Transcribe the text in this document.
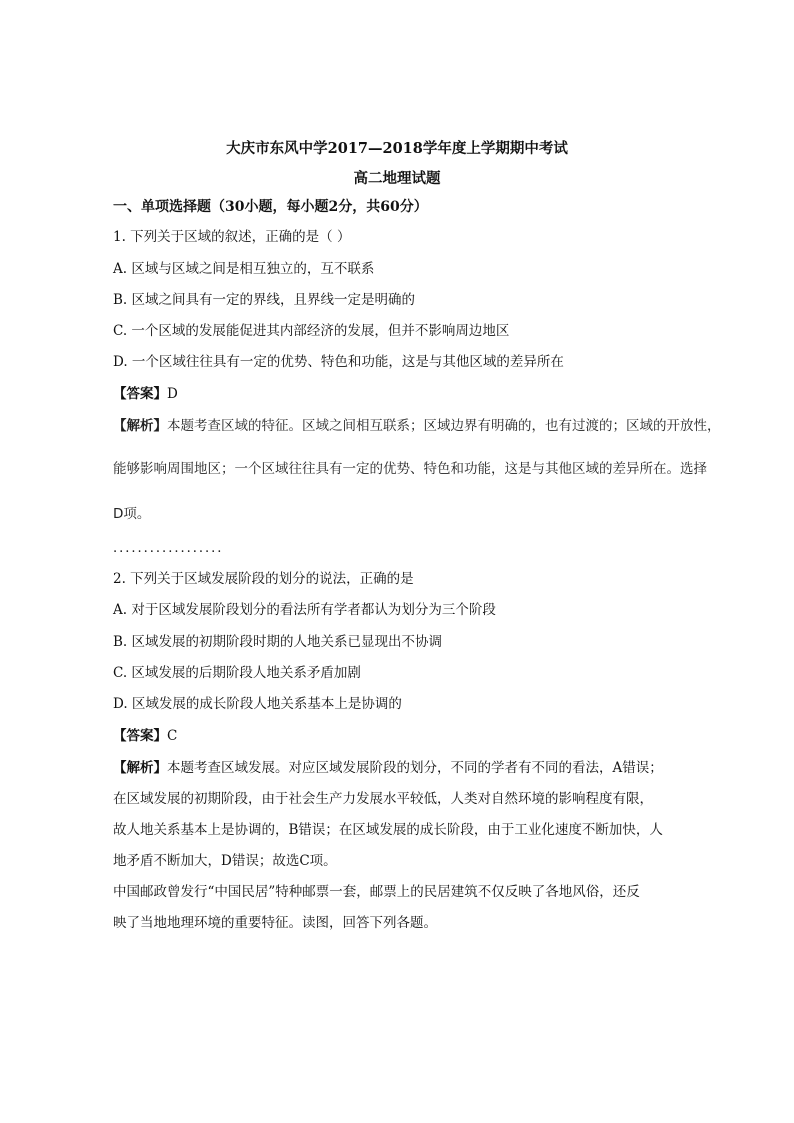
大庆市东风中学2017—2018学年度上学期期中考试
高二地理试题
一、单项选择题（30小题，每小题2分，共60分）
1. 下列关于区域的叙述，正确的是（ ）
A. 区域与区域之间是相互独立的，互不联系
B. 区域之间具有一定的界线，且界线一定是明确的
C. 一个区域的发展能促进其内部经济的发展，但并不影响周边地区
D. 一个区域往往具有一定的优势、特色和功能，这是与其他区域的差异所在
【答案】D
【解析】本题考查区域的特征。区域之间相互联系；区域边界有明确的，也有过渡的；区域的开放性，
能够影响周围地区；一个区域往往具有一定的优势、特色和功能，这是与其他区域的差异所在。选择
D项。
..................
2. 下列关于区域发展阶段的划分的说法，正确的是
A. 对于区域发展阶段划分的看法所有学者都认为划分为三个阶段
B. 区域发展的初期阶段时期的人地关系已显现出不协调
C. 区域发展的后期阶段人地关系矛盾加剧
D. 区域发展的成长阶段人地关系基本上是协调的
【答案】C
【解析】本题考查区域发展。对应区域发展阶段的划分，不同的学者有不同的看法，A错误；
在区域发展的初期阶段，由于社会生产力发展水平较低，人类对自然环境的影响程度有限，
故人地关系基本上是协调的，B错误；在区域发展的成长阶段，由于工业化速度不断加快，人
地矛盾不断加大，D错误；故选C项。
中国邮政曾发行“中国民居”特种邮票一套，邮票上的民居建筑不仅反映了各地风俗，还反
映了当地地理环境的重要特征。读图，回答下列各题。
